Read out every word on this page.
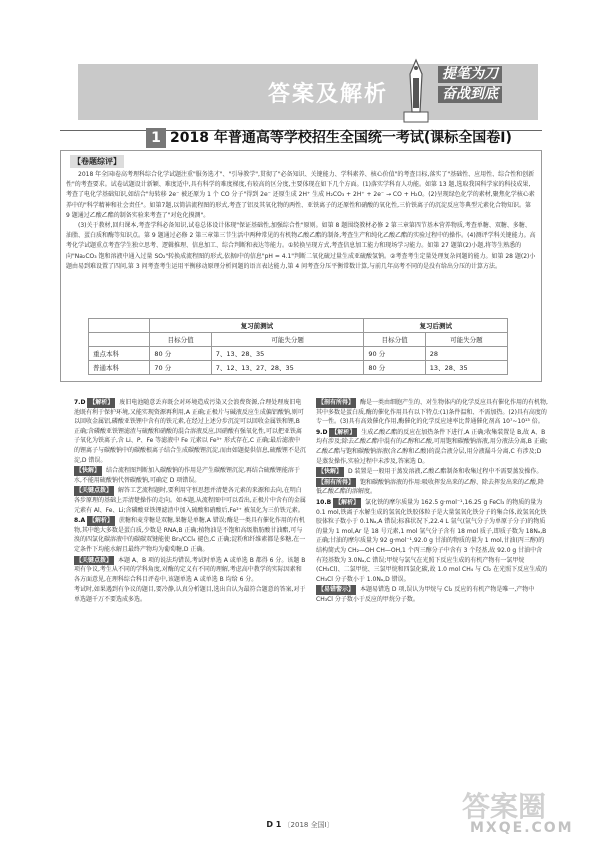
答案及解析
提笔为刀
奋战到底
1 2018 年普通高等学校招生全国统一考试(课标全国卷Ⅰ)
【卷题综评】

2018 年全国Ⅰ卷高考理科综合化学试题注重"服务选才"、"引导教学",贯彻了"必备知识、关键能力、学科素养、核心价值"的考查目标,落实了"基础性、应用性、综合性和创新性"的考查要求。试卷试题设计新颖、难度适中,具有科学的难度梯度,有较高的区分度,主要体现在如下几个方面。(1)落实学科育人功能。如第 13 题,选取我国科学家的科技成果,考查了电化学基础知识,如结合"每转移 2e⁻ 被还原为 1 个 CO 分子"得到 2e⁻ 还原生成 2H⁺ 生成 H₂CO₃ + 2H⁺ + 2e⁻ → CO + H₂O。(2)呈现绿色化学的素材,聚焦化学核心素养中的"科学精神和社会责任"。如第7题,以简洁流程图的形式,考查了铝及其氧化物的两性、亚铁离子的还原性和硝酸的氧化性,三价铁离子的沉淀反应等典型元素化合物知识。第 9 题通过乙酸乙酯的制备实验来考查了"对危化摸测"。

(3)关于教材,回归课本,考查学科必备知识,试卷总体设计体现"保证基础性,加强综合性"原则。如第 8 题围绕教材必修 2 第三章第四节基本营养物质,考查单糖、双糖、多糖、油脂、蛋白质和酶等知识点。第 9 题通过必修 2 第三章第三节生活中两种常见的有机物乙酸乙酯的制备,考查生产和纯化乙酸乙酯的实验过程中的操作。(4)测评学科关键能力。高考化学试题重点考查学生独立思考、逻辑推理、信息加工、综合判断和表达等能力。①转换呈现方式,考查信息加工能力和现场学习能力。如第 27 题第(2)小题,将等生熟悉的向"Na₂CO₃ 饱和溶液中通入过量 SO₂"转换成流程图的形式,依据Ⅰ中的信息"pH = 4.1"判断二氧化硫过量生成亚硫酸氢钠。②考查考生定量处理复杂问题的能力。如第 28 题(2)小题由易到难设置了四问,第 3 问考查考生运用平衡移动原理分析问题的语言表达能力,第 4 问考查分压平衡常数计算,与前几年高考不同的是没有给出分压的计算方法。

	复习前测试		复习后测试	
	目标分值	可能失分题	目标分值	可能失分题
重点本科	80 分	7、13、28、35	90 分	28
普通本科	70 分	7、12、13、27、28、35	80 分	13、28、35

7.D 【解析】 废旧电池随意丢弃既会对环境造成污染又会浪费资源,合理处理废旧电池既有利于保护环境,又能实现资源再利用,A 正确;正极片与碱液反应生成偏铝酸钠,则可以回收金属铝,磷酸亚铁锂中含有的铁元素,在经过上述分步沉淀可以回收金属铁和锂,B 正确;含磷酸亚铁锂滤渣与硫酸和硝酸的混合溶液反应,因硝酸有强氧化性,可以把亚铁离子氧化为铁离子,含 Li、P、Fe 等滤液中 Fe 元素以 Fe³⁺ 形式存在,C 正确;最后滤液中的锂离子与碳酸钠中的碳酸根离子结合生成碳酸锂沉淀,而由如题提供信息,硫酸锂不是沉淀,D 错误。

【快解】 结合流程图判断加入碳酸钠的作用是产生碳酸锂沉淀,再结合硫酸锂能溶于水,不能用硫酸钠代替碳酸钠,可确定 D 项错误。

【关键点拨】 解答工艺流程题时,要利用守恒思想并清楚各元素的来源和去向,在明白各步原理的基础上弄清楚操作的走向。如本题,从流程图中可以看出,正极片中含有的金属元素有 Al、Fe、Li;含磷酸亚铁锂滤渣中加入硫酸和硝酸后,Fe²⁺ 被氧化为三价铁元素。

8.A 【解析】 蔗糖和麦芽糖是双糖,果糖是单糖,A 错误;酶是一类具有催化作用的有机物,其中绝大多数是蛋白质,少数是 RNA,B 正确;植物油是不饱和高级脂肪酸甘油酯,可与溴的四氯化碳溶液中的碳碳双键能使 Br₂/CCl₄ 褪色,C 正确;淀粉和纤维素都是多糖,在一定条件下均能水解且最终产物均为葡萄糖,D 正确。

【关键点拨】 本题 A、B 项的说法均错误,考试时单选 A 或单选 B 都得 6 分。该题 B 项有争议,考生从不同的学科角度,对酶的定义有不同的理解,考虑高中教学的实际因素和各方面意见,在理科综合科目评卷中,该题单选 A 或单选 B 均给 6 分。

考试时,如果遇到有争议的题目,要冷静,认真分析题目,选出自认为最符合题意的答案,对于单选题千万不要选成多选。

【剖有所得】 酶是一类由细胞产生的、对生物体内的化学反应具有催化作用的有机物,其中多数是蛋白质,酶的催化作用具有以下特点:(1)条件温和、不需加热。(2)具有高度的专一性。(3)具有高效催化作用,酶催化的化学反应速率比普通催化剂高 10⁷~10¹³ 倍。

9.D 【解析】 生成乙酸乙酯的反应在加热条件下进行,A 正确;收集装置是 B,故 A、B 均有涉及;除去乙酸乙酯中混有的乙醇和乙酸,可用饱和碳酸钠溶液,用分液法分离,B 正确;乙酸乙酯与饱和碳酸钠溶液(含乙醇和乙酸)的混合液分层,用分液漏斗分离,C 有涉及;D 是蒸发操作,实验过程中未涉及,答案选 D。

【快解】 D 装置是一般用于蒸发溶液,乙酸乙酯制备和收集过程中不需要蒸发操作。

【剖有所得】 饱和碳酸钠溶液的作用:吸收挥发出来的乙醇、除去挥发出来的乙酸,降低乙酸乙酯的溶解度。

10.B 【解析】 氯化铁的摩尔质量为 162.5 g·mol⁻¹,16.25 g FeCl₃ 的物质的量为 0.1 mol,铁离子水解生成的氢氧化铁胶体粒子是大量氢氧化铁分子的集合体,故氢氧化铁胶体粒子数小于 0.1Nₐ,A 错误;标准状况下,22.4 L 氩气(氩气分子为单原子分子)的物质的量为 1 mol,Ar 是 18 号元素,1 mol 氩气分子含有 18 mol 质子,即质子数为 18Nₐ,B 正确;甘油的摩尔质量为 92 g·mol⁻¹,92.0 g 甘油的物质的量为 1 mol,甘油(丙三醇)的结构简式为 CH₂—OH CH—OH,1 个丙三醇分子中含有 3 个羟基,故 92.0 g 甘油中含有羟基数为 3.0Nₐ,C 错误;甲烷与氯气在光照下反应生成的有机产物有一氯甲烷(CH₃Cl)、二氯甲烷、三氯甲烷和四氯化碳,故 1.0 mol CH₄ 与 Cl₂ 在光照下反应生成的 CH₃Cl 分子数小于 1.0Nₐ,D 错误。

【易错警示】 本题易错选 D 项,误认为甲烷与 Cl₂ 反应的有机产物是唯一,产物中 CH₃Cl 分子数小于反应的甲烷分子数。

D 1 〔2018 全国Ⅰ〕
答案圈
MXQE.COM
